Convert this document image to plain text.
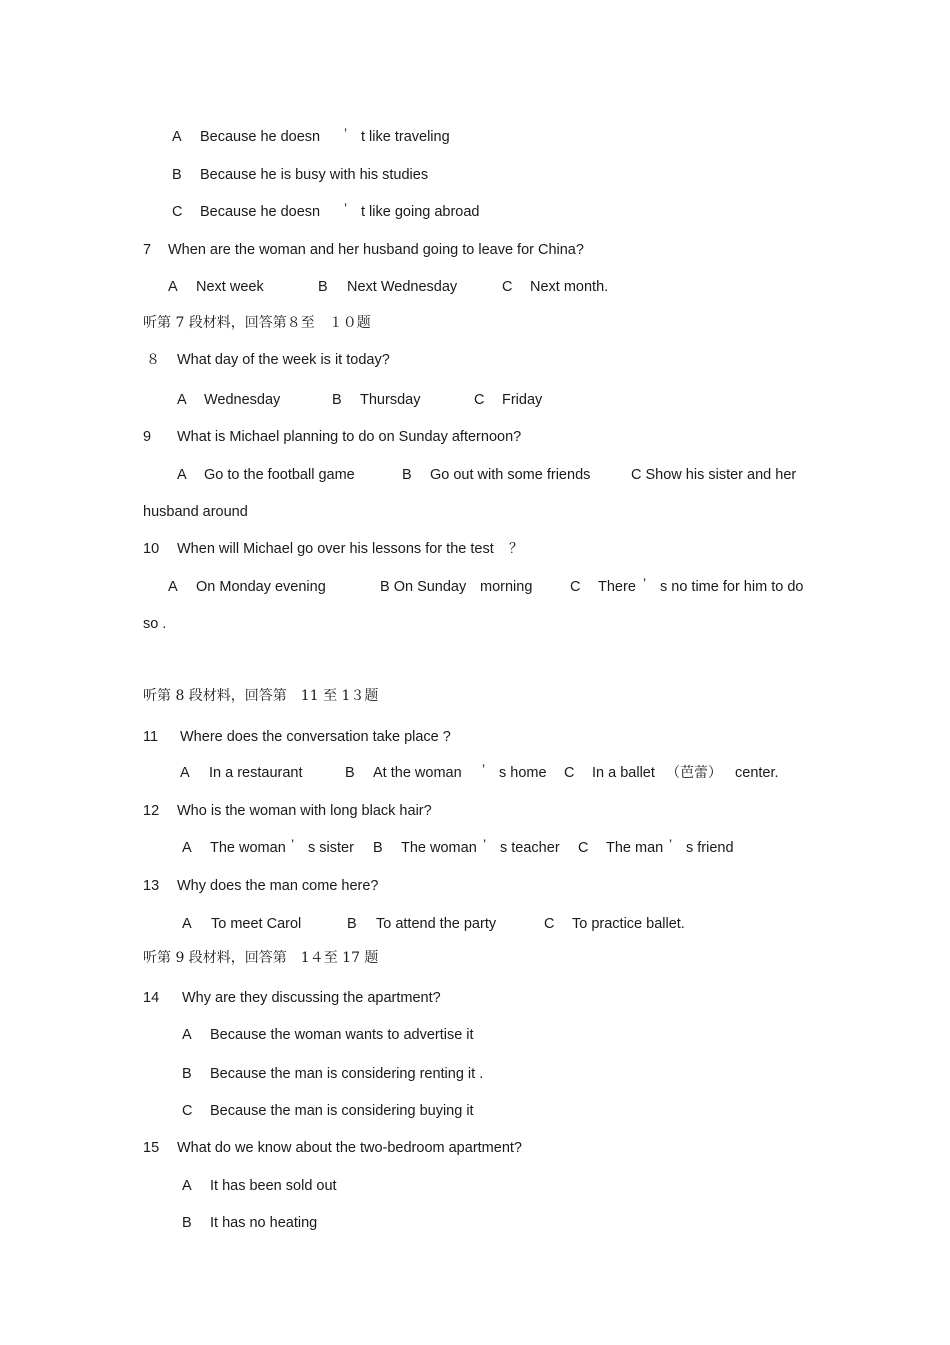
A Because he doesn ’ t like traveling
B Because he is busy with his studies
C Because he doesn ’ t like going abroad
7 When are the woman and her husband going to leave for China?
A Next week	B Next Wednesday	C Next month.
听第 7 段材料，回答第８至　１０题
８ What day of the week is it today?
A Wednesday	B Thursday	C Friday
9 What is Michael planning to do on Sunday afternoon?
A Go to the football game	B Go out with some friends	C Show his sister and her
husband around
10 When will Michael go over his lessons for the test ？
A On Monday evening	B On Sunday morning	C There ’ s no time for him to do
so .
听第 8 段材料，回答第　11 至 1３题
11 Where does the conversation take place ?
A In a restaurant	B At the woman ’ s home C In a ballet （芭蕾） center.
12 Who is the woman with long black hair?
A The woman ’ s sister B The woman ’ s teacher C The man ’ s friend
13 Why does the man come here?
A To meet Carol	B To attend the party	C To practice ballet.
听第 9 段材料，回答第　1４至 17 题
14 Why are they discussing the apartment?
A Because the woman wants to advertise it
B Because the man is considering renting it .
C Because the man is considering buying it
15 What do we know about the two-bedroom apartment?
A It has been sold out
B It has no heating
